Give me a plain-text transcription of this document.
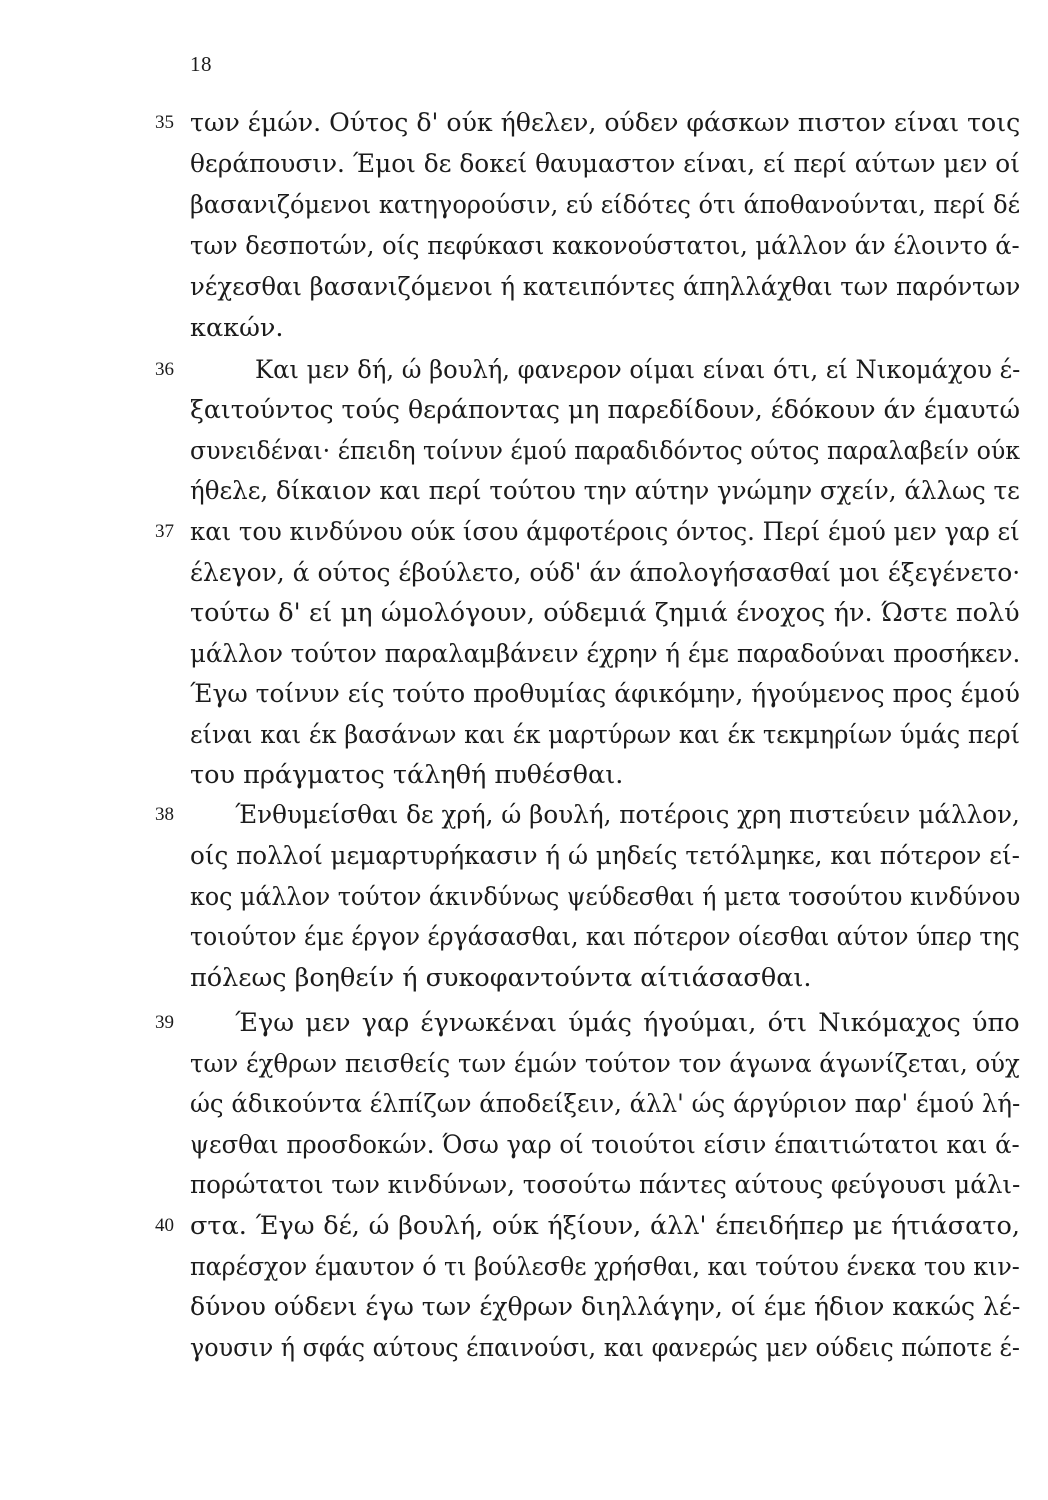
18
35
36
37
38
39
40
των έμών. Ούτος δ' ούκ ήθελεν, ούδεν φάσκων πιστον είναι τοις
θεράπουσιν. Έμοι δε δοκεί θαυμαστον είναι, εί περί αύτων μεν οί
βασανιζόμενοι κατηγορούσιν, εύ είδότες ότι άποθανούνται, περί δέ
των δεσποτών, οίς πεφύκασι κακονούστατοι, μάλλον άν έλοιντο ά-
νέχεσθαι βασανιζόμενοι ή κατειπόντες άπηλλάχθαι των παρόντων
κακών.
Και μεν δή, ώ βουλή, φανερον οίμαι είναι ότι, εί Νικομάχου έ-
ξαιτούντος τούς θεράποντας μη παρεδίδουν, έδόκουν άν έμαυτώ
συνειδέναι· έπειδη τοίνυν έμού παραδιδόντος ούτος παραλαβείν ούκ
ήθελε, δίκαιον και περί τούτου την αύτην γνώμην σχείν, άλλως τε
και του κινδύνου ούκ ίσου άμφοτέροις όντος. Περί έμού μεν γαρ εί
έλεγον, ά ούτος έβούλετο, ούδ' άν άπολογήσασθαί μοι έξεγένετο·
τούτω δ' εί μη ώμολόγουν, ούδεμιά ζημιά ένοχος ήν. Ώστε πολύ
μάλλον τούτον παραλαμβάνειν έχρην ή έμε παραδούναι προσήκεν.
Έγω τοίνυν είς τούτο προθυμίας άφικόμην, ήγούμενος προς έμού
είναι και έκ βασάνων και έκ μαρτύρων και έκ τεκμηρίων ύμάς περί
του πράγματος τάληθή πυθέσθαι.
Ένθυμείσθαι δε χρή, ώ βουλή, ποτέροις χρη πιστεύειν μάλλον,
οίς πολλοί μεμαρτυρήκασιν ή ώ μηδείς τετόλμηκε, και πότερον εί-
κος μάλλον τούτον άκινδύνως ψεύδεσθαι ή μετα τοσούτου κινδύνου
τοιούτον έμε έργον έργάσασθαι, και πότερον οίεσθαι αύτον ύπερ της
πόλεως βοηθείν ή συκοφαντούντα αίτιάσασθαι.
Έγω μεν γαρ έγνωκέναι ύμάς ήγούμαι, ότι Νικόμαχος ύπο
των έχθρων πεισθείς των έμών τούτον τον άγωνα άγωνίζεται, ούχ
ώς άδικούντα έλπίζων άποδείξειν, άλλ' ώς άργύριον παρ' έμού λή-
ψεσθαι προσδοκών. Όσω γαρ οί τοιούτοι είσιν έπαιτιώτατοι και ά-
πορώτατοι των κινδύνων, τοσούτω πάντες αύτους φεύγουσι μάλι-
στα. Έγω δέ, ώ βουλή, ούκ ήξίουν, άλλ' έπειδήπερ με ήτιάσατο,
παρέσχον έμαυτον ό τι βούλεσθε χρήσθαι, και τούτου ένεκα του κιν-
δύνου ούδενι έγω των έχθρων διηλλάγην, οί έμε ήδιον κακώς λέ-
γουσιν ή σφάς αύτους έπαινούσι, και φανερώς μεν ούδεις πώποτε έ-
